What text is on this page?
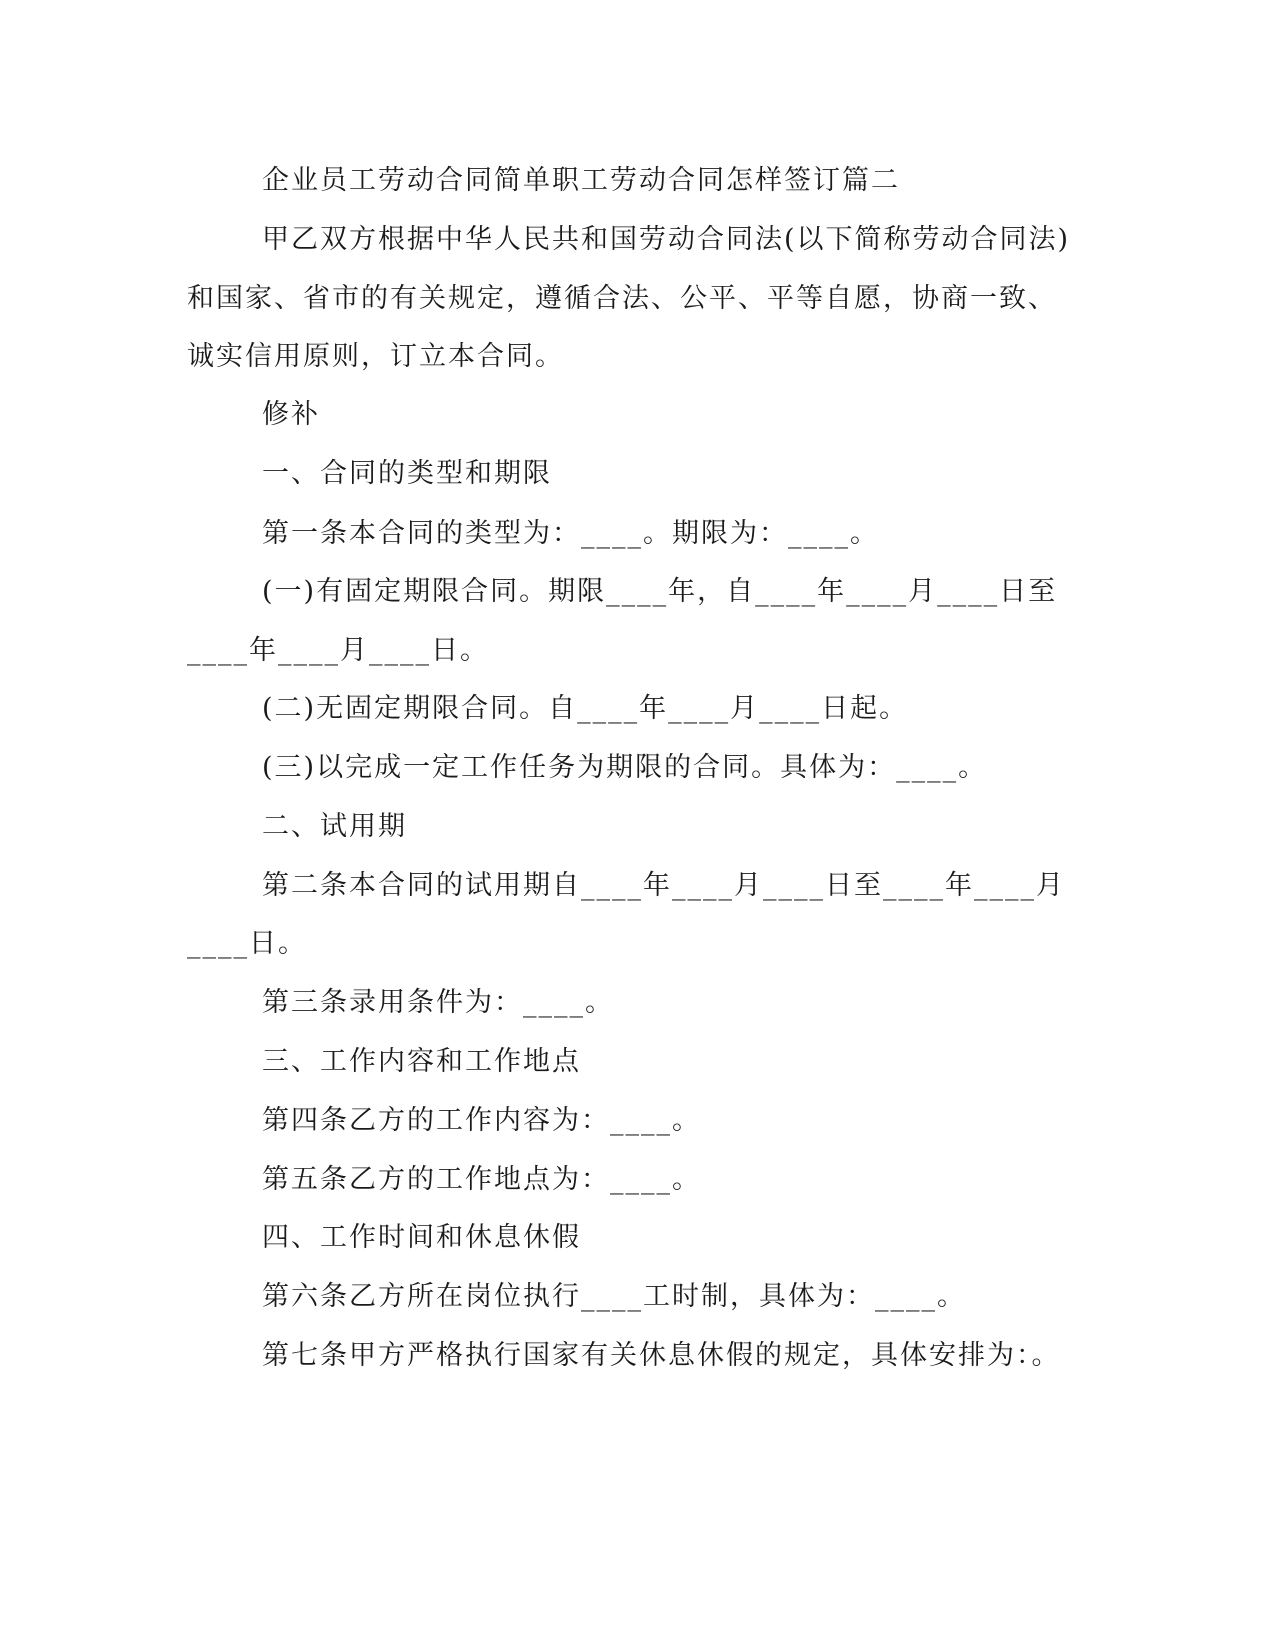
企业员工劳动合同简单职工劳动合同怎样签订篇二
甲乙双方根据中华人民共和国劳动合同法(以下简称劳动合同法)
和国家、省市的有关规定，遵循合法、公平、平等自愿，协商一致、
诚实信用原则，订立本合同。
修补
一、合同的类型和期限
第一条本合同的类型为：____。期限为：____。
(一)有固定期限合同。期限____年，自____年____月____日至
____年____月____日。
(二)无固定期限合同。自____年____月____日起。
(三)以完成一定工作任务为期限的合同。具体为：____。
二、试用期
第二条本合同的试用期自____年____月____日至____年____月
____日。
第三条录用条件为：____。
三、工作内容和工作地点
第四条乙方的工作内容为：____。
第五条乙方的工作地点为：____。
四、工作时间和休息休假
第六条乙方所在岗位执行____工时制，具体为：____。
第七条甲方严格执行国家有关休息休假的规定，具体安排为：。
